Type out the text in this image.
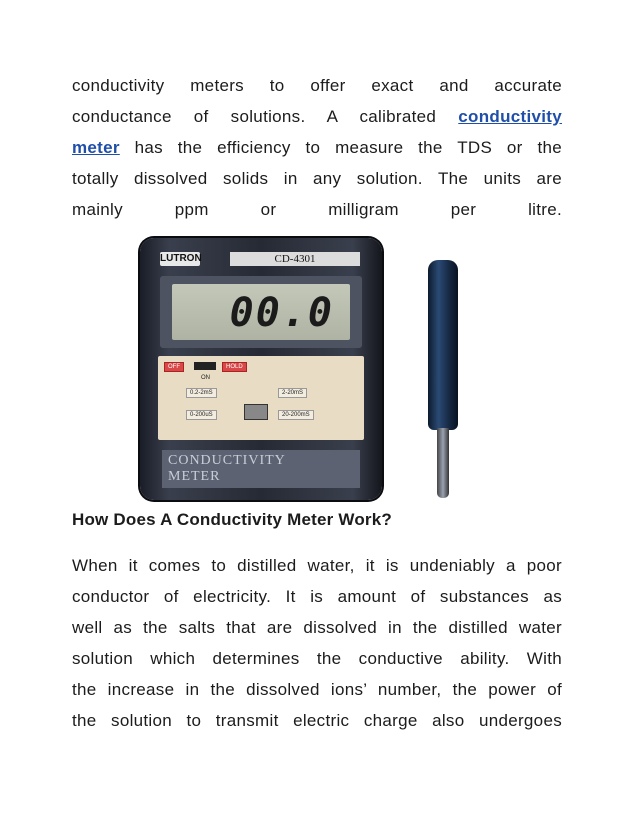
conductivity meters to offer exact and accurate
conductance of solutions. A calibrated conductivity
meter has the efficiency to measure the TDS or the
totally dissolved solids in any solution. The units are
mainly ppm or milligram per litre.
LUTRON	CD-4301
00.0
OFF	HOLD
ON
0.2-2mS	2-20mS
0-200uS	20-200mS
CONDUCTIVITY
METER
How Does A Conductivity Meter Work?
When it comes to distilled water, it is undeniably a poor
conductor of electricity. It is amount of substances as
well as the salts that are dissolved in the distilled water
solution which determines the conductive ability. With
the increase in the dissolved ions’ number, the power of
the solution to transmit electric charge also undergoes
